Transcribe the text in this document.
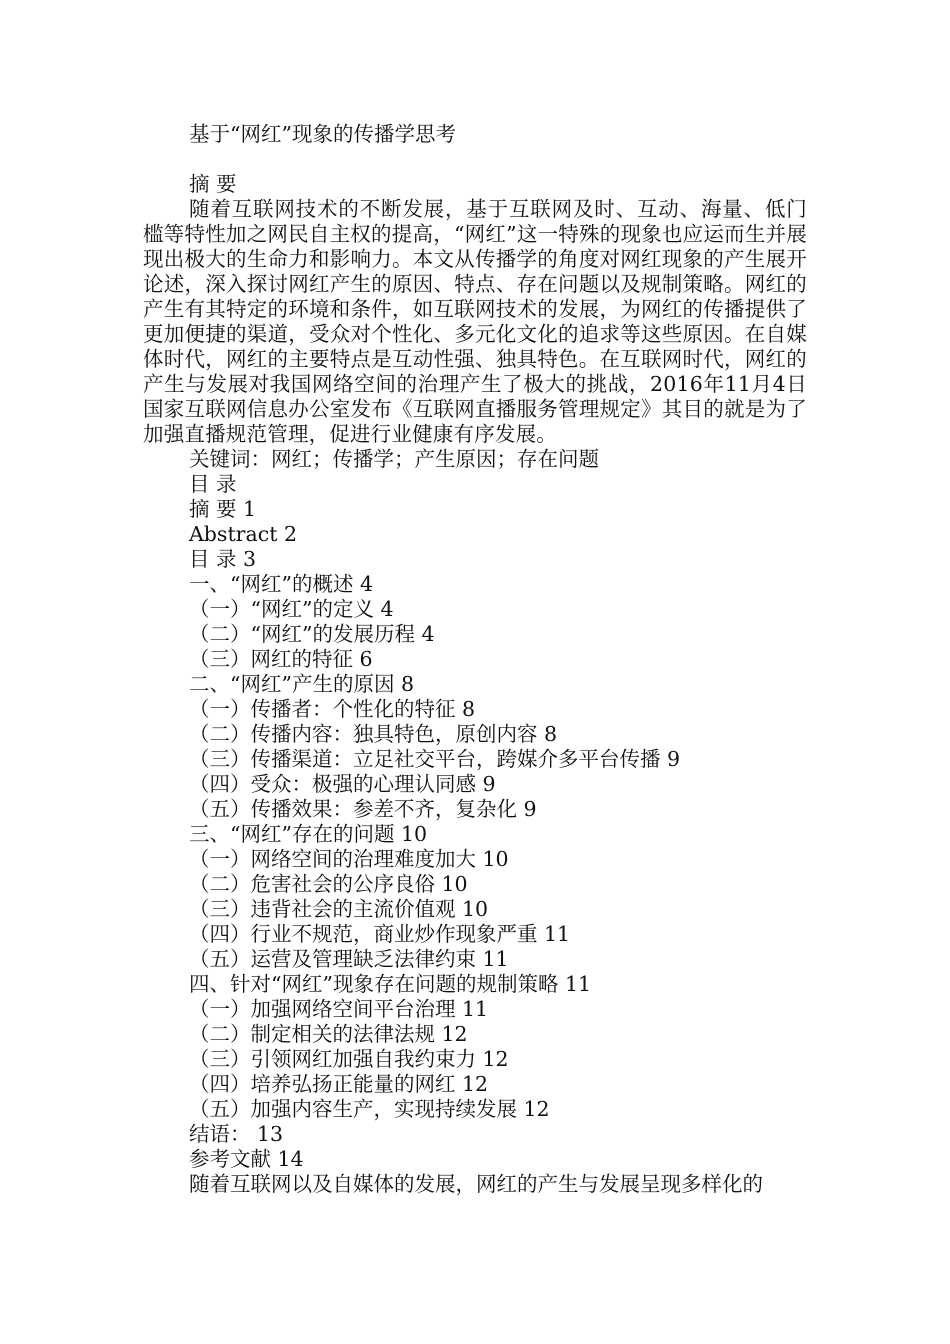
基于“网红”现象的传播学思考
摘 要

随着互联网技术的不断发展，基于互联网及时、互动、海量、低门槛等特性加之网民自主权的提高，“网红”这一特殊的现象也应运而生并展现出极大的生命力和影响力。本文从传播学的角度对网红现象的产生展开论述，深入探讨网红产生的原因、特点、存在问题以及规制策略。网红的产生有其特定的环境和条件，如互联网技术的发展，为网红的传播提供了更加便捷的渠道，受众对个性化、多元化文化的追求等这些原因。在自媒体时代，网红的主要特点是互动性强、独具特色。在互联网时代，网红的产生与发展对我国网络空间的治理产生了极大的挑战，2016年11月4日国家互联网信息办公室发布《互联网直播服务管理规定》其目的就是为了加强直播规范管理，促进行业健康有序发展。

关键词：网红；传播学；产生原因；存在问题
目 录
摘 要 1
Abstract 2
目 录 3
一、“网红”的概述 4
（一）“网红”的定义 4
（二）“网红”的发展历程 4
（三）网红的特征 6
二、“网红”产生的原因 8
（一）传播者：个性化的特征 8
（二）传播内容：独具特色，原创内容 8
（三）传播渠道：立足社交平台，跨媒介多平台传播 9
（四）受众：极强的心理认同感 9
（五）传播效果：参差不齐，复杂化 9
三、“网红”存在的问题 10
（一）网络空间的治理难度加大 10
（二）危害社会的公序良俗 10
（三）违背社会的主流价值观 10
（四）行业不规范，商业炒作现象严重 11
（五）运营及管理缺乏法律约束 11
四、针对“网红”现象存在问题的规制策略 11
（一）加强网络空间平台治理 11
（二）制定相关的法律法规 12
（三）引领网红加强自我约束力 12
（四）培养弘扬正能量的网红 12
（五）加强内容生产，实现持续发展 12
结语： 13
参考文献 14
随着互联网以及自媒体的发展，网红的产生与发展呈现多样化的
